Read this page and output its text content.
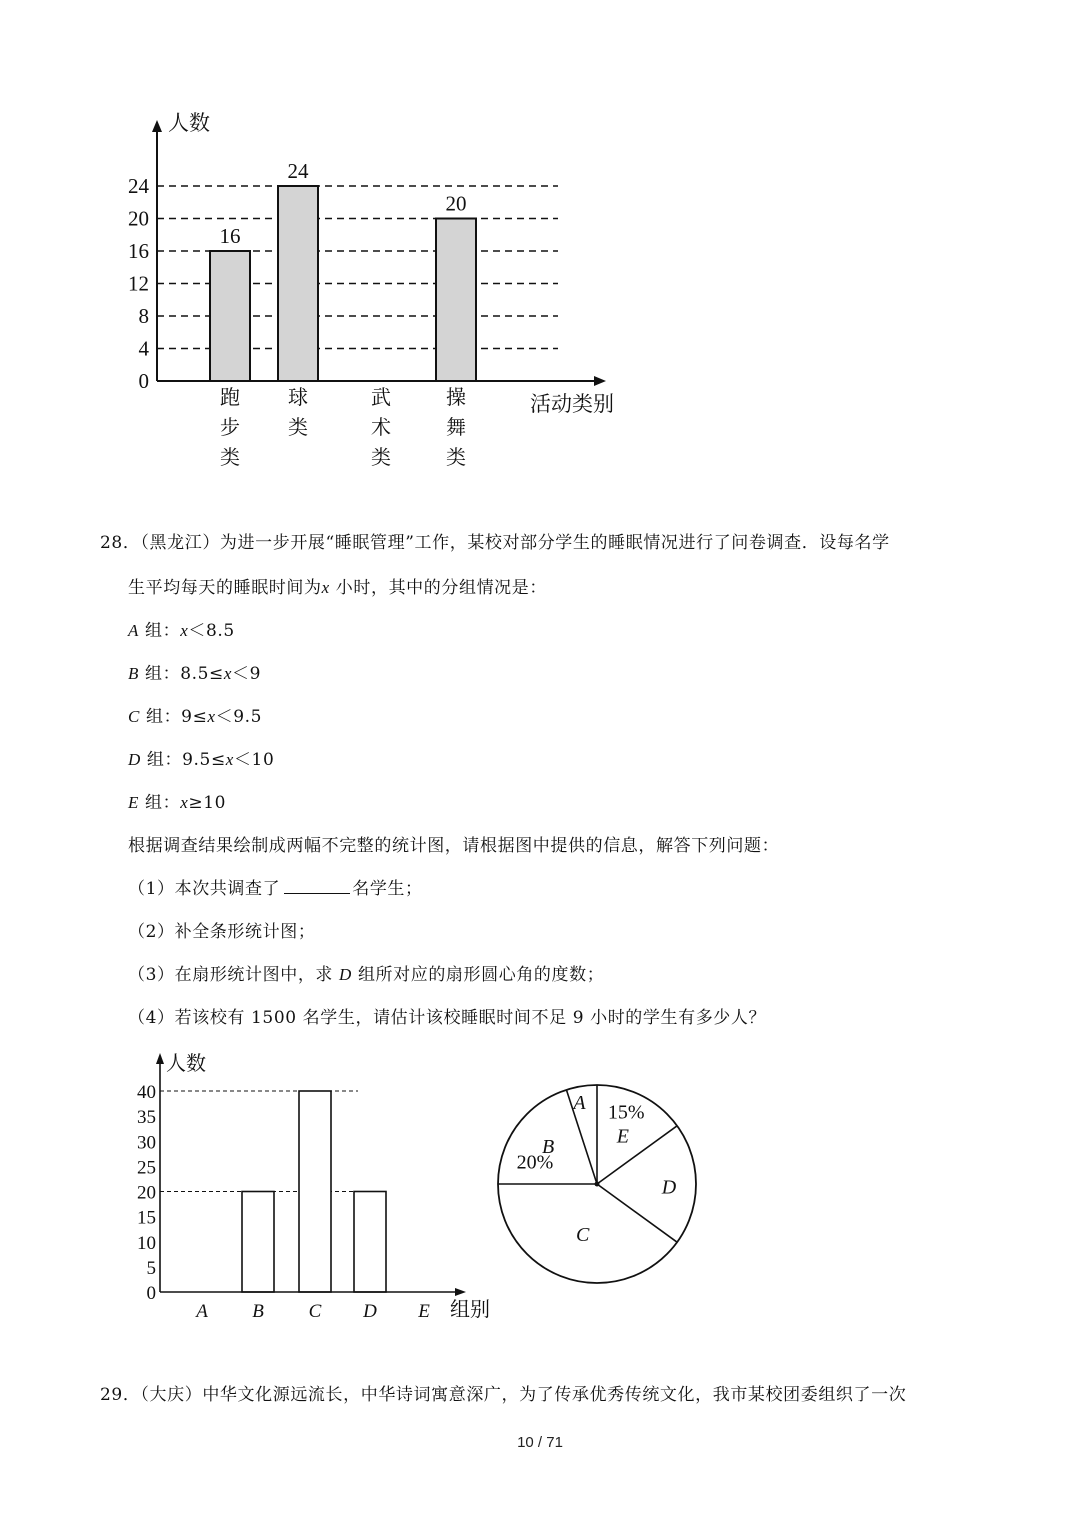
0
4
8
12
16
20
24
16
24
20
人数
活动类别
跑
步
类
球
类
武
术
类
操
舞
类
28．（黑龙江）为进一步开展“睡眠管理”工作，某校对部分学生的睡眠情况进行了问卷调查．设每名学
生平均每天的睡眠时间为x 小时，其中的分组情况是：
A 组：x＜8.5
B 组：8.5≤x＜9
C 组：9≤x＜9.5
D 组：9.5≤x＜10
E 组：x≥10
根据调查结果绘制成两幅不完整的统计图，请根据图中提供的信息，解答下列问题：
（1）本次共调查了	名学生；
（2）补全条形统计图；
（3）在扇形统计图中，求 D 组所对应的扇形圆心角的度数；
（4）若该校有 1500 名学生，请估计该校睡眠时间不足 9 小时的学生有多少人？
0
5
10
15
20
25
30
35
40
A B C D E
人数
组别
A
E
15%
D
C
B
20%
29．（大庆）中华文化源远流长，中华诗词寓意深广，为了传承优秀传统文化，我市某校团委组织了一次
10 / 71
